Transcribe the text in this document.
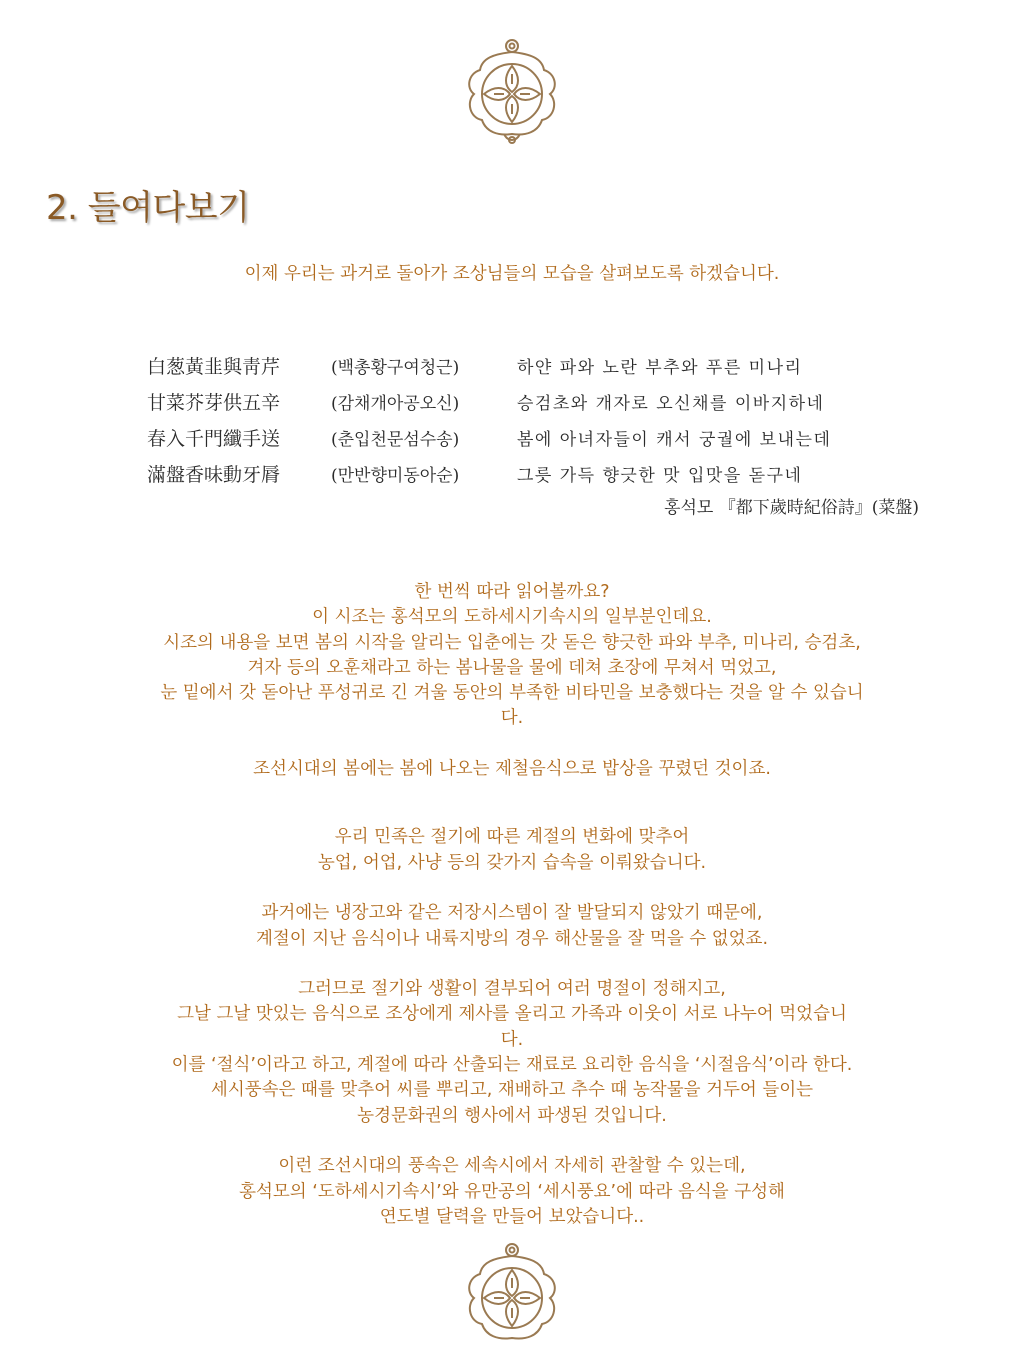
2. 들여다보기

이제 우리는 과거로 돌아가 조상님들의 모습을 살펴보도록 하겠습니다.

白葱黃韭與靑芹	(백총황구여청근)	하얀 파와 노란 부추와 푸른 미나리
甘菜芥芽供五辛	(감채개아공오신)	승검초와 개자로 오신채를 이바지하네
春入千門纖手送	(춘입천문섬수송)	봄에 아녀자들이 캐서 궁궐에 보내는데
滿盤香味動牙脣	(만반향미동아순)	그릇 가득 향긋한 맛 입맛을 돋구네
홍석모 『都下歲時紀俗詩』(菜盤)

한 번씩 따라 읽어볼까요?

이 시조는 홍석모의 도하세시기속시의 일부분인데요.

시조의 내용을 보면 봄의 시작을 알리는 입춘에는 갓 돋은 향긋한 파와 부추, 미나리, 승검초,

겨자 등의 오훈채라고 하는 봄나물을 물에 데쳐 초장에 무쳐서 먹었고,

눈 밑에서 갓 돋아난 푸성귀로 긴 겨울 동안의 부족한 비타민을 보충했다는 것을 알 수 있습니

다.

조선시대의 봄에는 봄에 나오는 제철음식으로 밥상을 꾸렸던 것이죠.

우리 민족은 절기에 따른 계절의 변화에 맞추어

농업, 어업, 사냥 등의 갖가지 습속을 이뤄왔습니다.

과거에는 냉장고와 같은 저장시스템이 잘 발달되지 않았기 때문에,

계절이 지난 음식이나 내륙지방의 경우 해산물을 잘 먹을 수 없었죠.

그러므로 절기와 생활이 결부되어 여러 명절이 정해지고,

그날 그날 맛있는 음식으로 조상에게 제사를 올리고 가족과 이웃이 서로 나누어 먹었습니

다.

이를 ‘절식’이라고 하고, 계절에 따라 산출되는 재료로 요리한 음식을 ‘시절음식’이라 한다.

세시풍속은 때를 맞추어 씨를 뿌리고, 재배하고 추수 때 농작물을 거두어 들이는

농경문화권의 행사에서 파생된 것입니다.

이런 조선시대의 풍속은 세속시에서 자세히 관찰할 수 있는데,

홍석모의 ‘도하세시기속시’와 유만공의 ‘세시풍요’에 따라 음식을 구성해

연도별 달력을 만들어 보았습니다..
